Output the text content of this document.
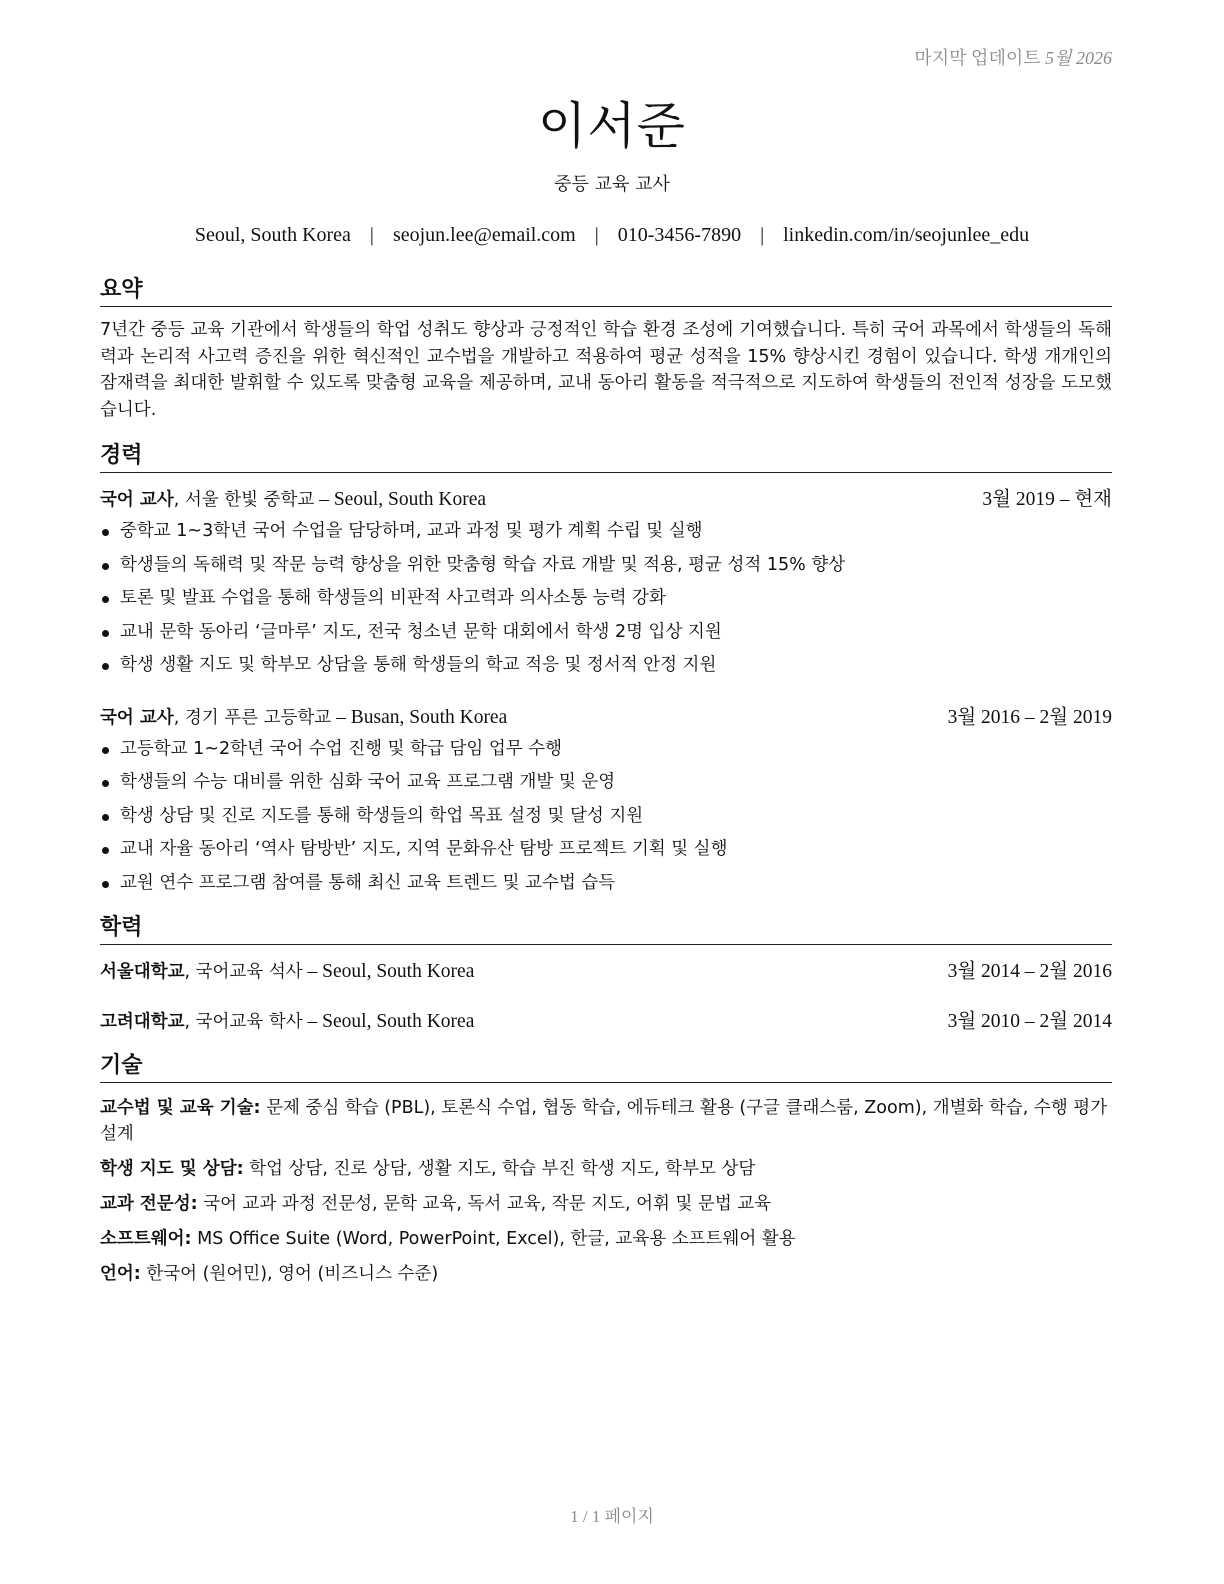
마지막 업데이트 5월 2026
이서준
중등 교육 교사
Seoul, South Korea | seojun.lee@email.com | 010-3456-7890 | linkedin.com/in/seojunlee_edu
요약
7년간 중등 교육 기관에서 학생들의 학업 성취도 향상과 긍정적인 학습 환경 조성에 기여했습니다. 특히 국어 과목에서 학생들의 독해력과 논리적 사고력 증진을 위한 혁신적인 교수법을 개발하고 적용하여 평균 성적을 15% 향상시킨 경험이 있습니다. 학생 개개인의 잠재력을 최대한 발휘할 수 있도록 맞춤형 교육을 제공하며, 교내 동아리 활동을 적극적으로 지도하여 학생들의 전인적 성장을 도모했습니다.
경력
국어 교사, 서울 한빛 중학교 – Seoul, South Korea	3월 2019 – 현재
중학교 1~3학년 국어 수업을 담당하며, 교과 과정 및 평가 계획 수립 및 실행
학생들의 독해력 및 작문 능력 향상을 위한 맞춤형 학습 자료 개발 및 적용, 평균 성적 15% 향상
토론 및 발표 수업을 통해 학생들의 비판적 사고력과 의사소통 능력 강화
교내 문학 동아리 ‘글마루’ 지도, 전국 청소년 문학 대회에서 학생 2명 입상 지원
학생 생활 지도 및 학부모 상담을 통해 학생들의 학교 적응 및 정서적 안정 지원
국어 교사, 경기 푸른 고등학교 – Busan, South Korea	3월 2016 – 2월 2019
고등학교 1~2학년 국어 수업 진행 및 학급 담임 업무 수행
학생들의 수능 대비를 위한 심화 국어 교육 프로그램 개발 및 운영
학생 상담 및 진로 지도를 통해 학생들의 학업 목표 설정 및 달성 지원
교내 자율 동아리 ‘역사 탐방반’ 지도, 지역 문화유산 탐방 프로젝트 기획 및 실행
교원 연수 프로그램 참여를 통해 최신 교육 트렌드 및 교수법 습득
학력
서울대학교, 국어교육 석사 – Seoul, South Korea	3월 2014 – 2월 2016
고려대학교, 국어교육 학사 – Seoul, South Korea	3월 2010 – 2월 2014
기술
교수법 및 교육 기술: 문제 중심 학습 (PBL), 토론식 수업, 협동 학습, 에듀테크 활용 (구글 클래스룸, Zoom), 개별화 학습, 수행 평가 설계
학생 지도 및 상담: 학업 상담, 진로 상담, 생활 지도, 학습 부진 학생 지도, 학부모 상담
교과 전문성: 국어 교과 과정 전문성, 문학 교육, 독서 교육, 작문 지도, 어휘 및 문법 교육
소프트웨어: MS Office Suite (Word, PowerPoint, Excel), 한글, 교육용 소프트웨어 활용
언어: 한국어 (원어민), 영어 (비즈니스 수준)
1 / 1 페이지
